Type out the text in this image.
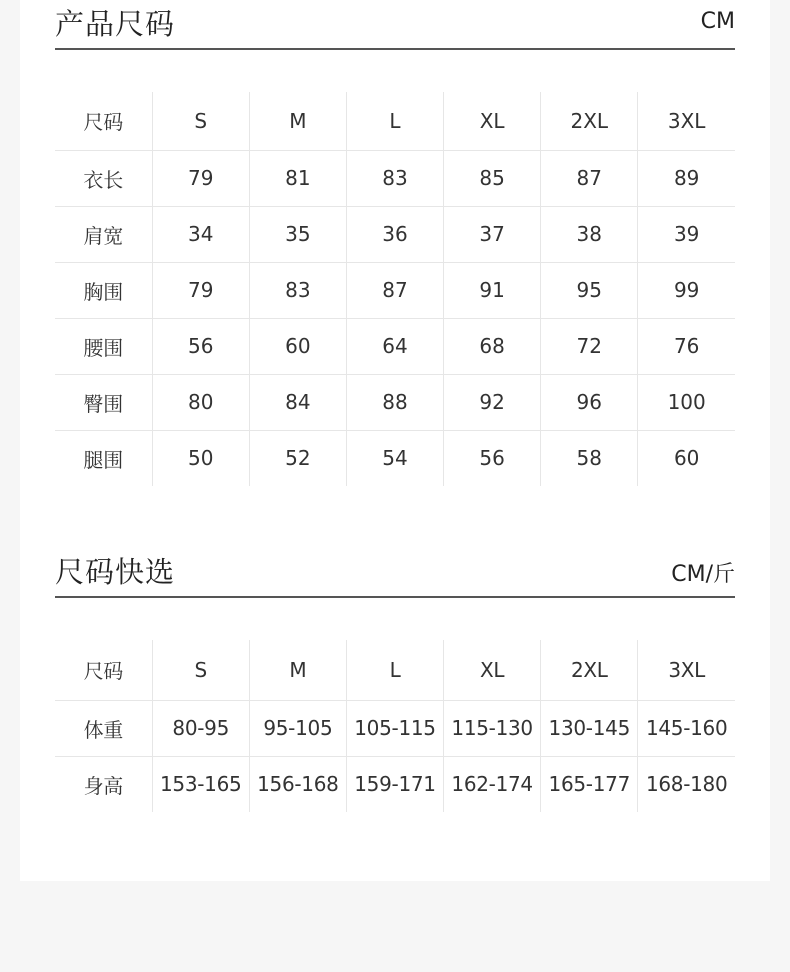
产品尺码	CM
尺码	S	M	L	XL	2XL	3XL
衣长	79	81	83	85	87	89
肩宽	34	35	36	37	38	39
胸围	79	83	87	91	95	99
腰围	56	60	64	68	72	76
臀围	80	84	88	92	96	100
腿围	50	52	54	56	58	60
尺码快选	CM/斤
尺码	S	M	L	XL	2XL	3XL
体重	80-95	95-105	105-115	115-130	130-145	145-160
身高	153-165	156-168	159-171	162-174	165-177	168-180
